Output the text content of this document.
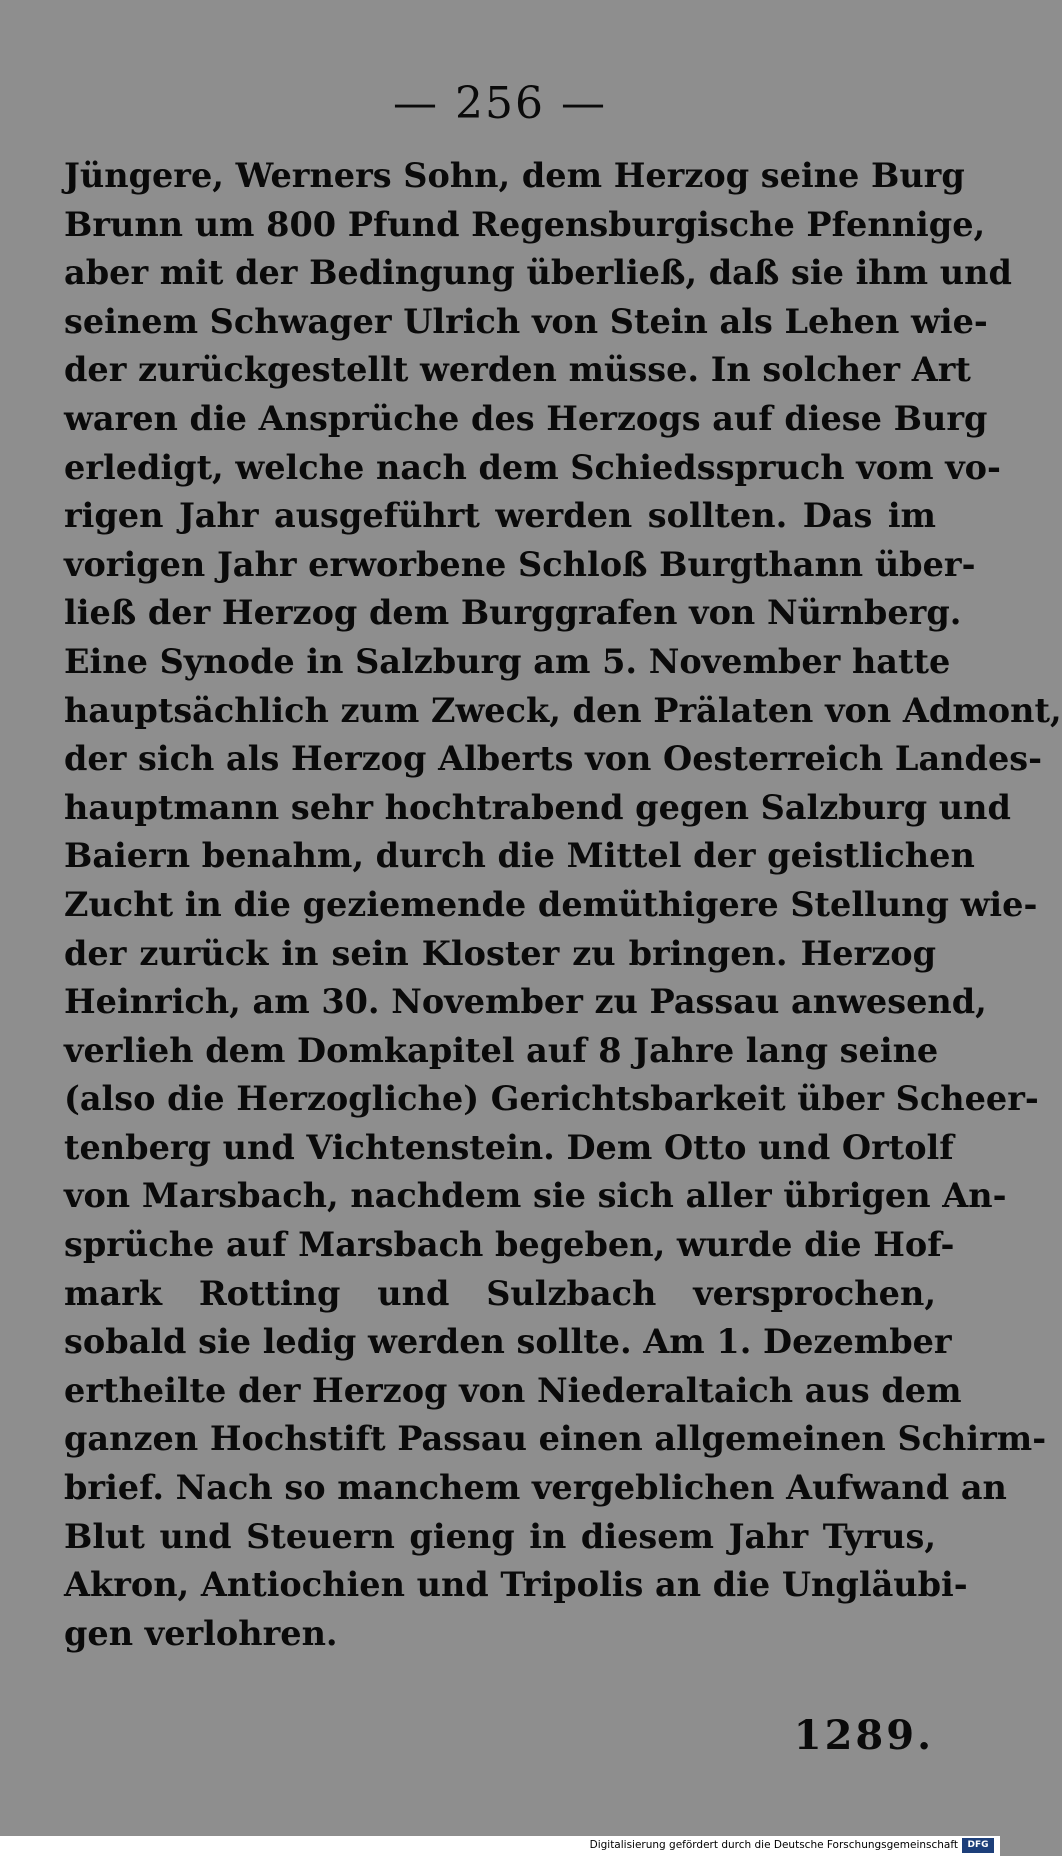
— 256 —
Jüngere, Werners Sohn, dem Herzog seine Burg
Brunn um 800 Pfund Regensburgische Pfennige,
aber mit der Bedingung überließ, daß sie ihm und
seinem Schwager Ulrich von Stein als Lehen wie-
der zurückgestellt werden müsse. In solcher Art
waren die Ansprüche des Herzogs auf diese Burg
erledigt, welche nach dem Schiedsspruch vom vo-
rigen Jahr ausgeführt werden sollten. Das im
vorigen Jahr erworbene Schloß Burgthann über-
ließ der Herzog dem Burggrafen von Nürnberg.
Eine Synode in Salzburg am 5. November hatte
hauptsächlich zum Zweck, den Prälaten von Admont,
der sich als Herzog Alberts von Oesterreich Landes-
hauptmann sehr hochtrabend gegen Salzburg und
Baiern benahm, durch die Mittel der geistlichen
Zucht in die geziemende demüthigere Stellung wie-
der zurück in sein Kloster zu bringen. Herzog
Heinrich, am 30. November zu Passau anwesend,
verlieh dem Domkapitel auf 8 Jahre lang seine
(also die Herzogliche) Gerichtsbarkeit über Scheer-
tenberg und Vichtenstein. Dem Otto und Ortolf
von Marsbach, nachdem sie sich aller übrigen An-
sprüche auf Marsbach begeben, wurde die Hof-
mark Rotting und Sulzbach versprochen,
sobald sie ledig werden sollte. Am 1. Dezember
ertheilte der Herzog von Niederaltaich aus dem
ganzen Hochstift Passau einen allgemeinen Schirm-
brief. Nach so manchem vergeblichen Aufwand an
Blut und Steuern gieng in diesem Jahr Tyrus,
Akron, Antiochien und Tripolis an die Ungläubi-
gen verlohren.
1289.
Digitalisierung gefördert durch die Deutsche Forschungsgemeinschaft	DFG
